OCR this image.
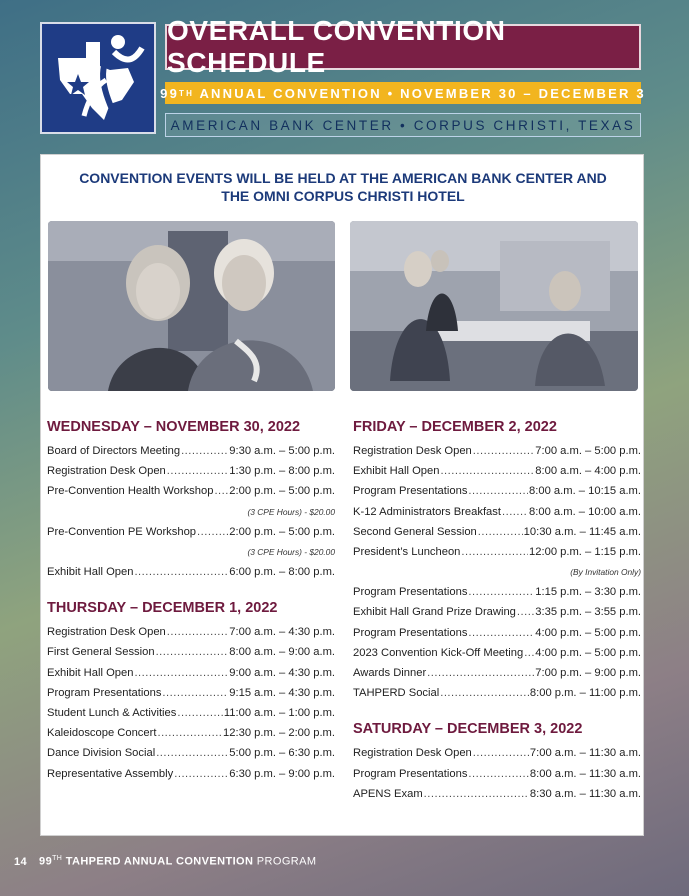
OVERALL CONVENTION SCHEDULE
99 TH ANNUAL CONVENTION • NOVEMBER 30 – DECEMBER 3
AMERICAN BANK CENTER • CORPUS CHRISTI, TEXAS
CONVENTION EVENTS WILL BE HELD AT THE AMERICAN BANK CENTER AND
THE OMNI CORPUS CHRISTI HOTEL
WEDNESDAY – NOVEMBER 30, 2022
Board of Directors Meeting .....	9:30 a.m. – 5:00 p.m.
Registration Desk Open .....	1:30 p.m. – 8:00 p.m.
Pre-Convention Health Workshop ..... 2:00 p.m. – 5:00 p.m.
(3 CPE Hours) - $20.00
Pre-Convention PE Workshop .....	2:00 p.m. – 5:00 p.m.
(3 CPE Hours) - $20.00
Exhibit Hall Open .....	6:00 p.m. – 8:00 p.m.
THURSDAY – DECEMBER 1, 2022
Registration Desk Open .....	7:00 a.m. – 4:30 p.m.
First General Session .....	8:00 a.m. – 9:00 a.m.
Exhibit Hall Open .....	9:00 a.m. – 4:30 p.m.
Program Presentations .....	9:15 a.m. – 4:30 p.m.
Student Lunch & Activities .....	11:00 a.m. – 1:00 p.m.
Kaleidoscope Concert .....	12:30 p.m. – 2:00 p.m.
Dance Division Social .....	5:00 p.m. – 6:30 p.m.
Representative Assembly .....	6:30 p.m. – 9:00 p.m.
FRIDAY – DECEMBER 2, 2022
Registration Desk Open .....	7:00 a.m. – 5:00 p.m.
Exhibit Hall Open .....	8:00 a.m. – 4:00 p.m.
Program Presentations .....	8:00 a.m. – 10:15 a.m.
K-12 Administrators Breakfast .....	8:00 a.m. – 10:00 a.m.
Second General Session .....	10:30 a.m. – 11:45 a.m.
President’s Luncheon .....	12:00 p.m. – 1:15 p.m.
(By Invitation Only)
Program Presentations .....	1:15 p.m. – 3:30 p.m.
Exhibit Hall Grand Prize Drawing ..... 3:35 p.m. – 3:55 p.m.
Program Presentations .....	4:00 p.m. – 5:00 p.m.
2023 Convention Kick-Off Meeting ..... 4:00 p.m. – 5:00 p.m.
Awards Dinner .....	7:00 p.m. – 9:00 p.m.
TAHPERD Social .....	8:00 p.m. – 11:00 p.m.
SATURDAY – DECEMBER 3, 2022
Registration Desk Open .....	7:00 a.m. – 11:30 a.m.
Program Presentations .....	8:00 a.m. – 11:30 a.m.
APENS Exam .....	8:30 a.m. – 11:30 a.m.
14 99TH TAHPERD ANNUAL CONVENTION PROGRAM
